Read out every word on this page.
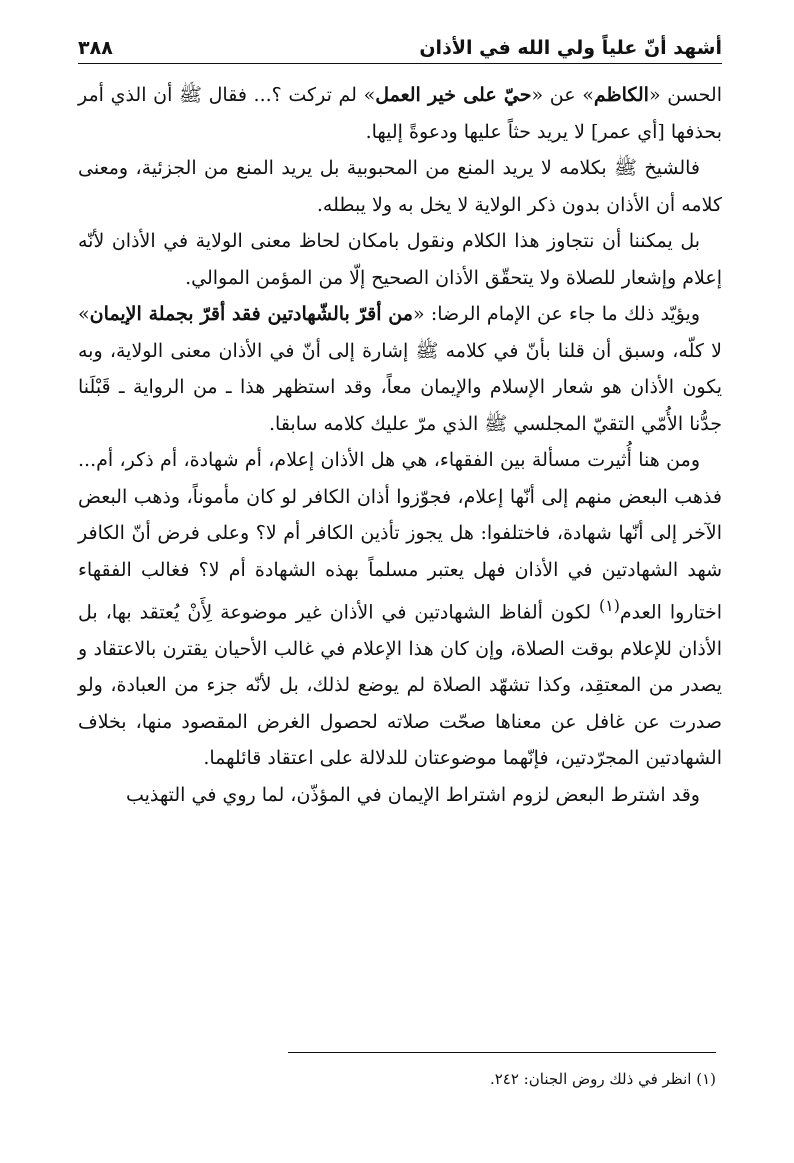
أشهد أنّ علياً ولي الله في الأذان
٣٨٨

الحسن «الكاظم» عن «حيّ على خير العمل» لم تركت ؟... فقال ﷺ أن الذي أمر بحذفها [أي عمر] لا يريد حثاً عليها ودعوةً إليها.

فالشيخ ﷺ بكلامه لا يريد المنع من المحبوبية بل يريد المنع من الجزئية، ومعنى كلامه أن الأذان بدون ذكر الولاية لا يخل به ولا يبطله.

بل يمكننا أن نتجاوز هذا الكلام ونقول بامكان لحاظ معنى الولاية في الأذان لأنّه إعلام وإشعار للصلاة ولا يتحقّق الأذان الصحيح إلّا من المؤمن الموالي.

ويؤيّد ذلك ما جاء عن الإمام الرضا: «من أقرّ بالشّهادتين فقد أقرّ بجملة الإيمان» لا كلّه، وسبق أن قلنا بأنّ في كلامه ﷺ إشارة إلى أنّ في الأذان معنى الولاية، وبه يكون الأذان هو شعار الإسلام والإيمان معاً، وقد استظهر هذا ـ من الرواية ـ قَبْلَنا جدُّنا الأُمّي التقيّ المجلسي ﷺ الذي مرّ عليك كلامه سابقا.

ومن هنا أُثيرت مسألة بين الفقهاء، هي هل الأذان إعلام، أم شهادة، أم ذكر، أم... فذهب البعض منهم إلى أنّها إعلام، فجوّزوا أذان الكافر لو كان مأموناً، وذهب البعض الآخر إلى أنّها شهادة، فاختلفوا: هل يجوز تأذين الكافر أم لا؟ وعلى فرض أنّ الكافر شهد الشهادتين في الأذان فهل يعتبر مسلماً بهذه الشهادة أم لا؟ فغالب الفقهاء اختاروا العدم$^{(١)}$ لكون ألفاظ الشهادتين في الأذان غير موضوعة لِأَنْ يُعتقد بها، بل الأذان للإعلام بوقت الصلاة، وإن كان هذا الإعلام في غالب الأحيان يقترن بالاعتقاد و يصدر من المعتقِد، وكذا تشهّد الصلاة لم يوضع لذلك، بل لأنّه جزء من العبادة، ولو صدرت عن غافل عن معناها صحّت صلاته لحصول الغرض المقصود منها، بخلاف الشهادتين المجرّدتين، فإنّهما موضوعتان للدلالة على اعتقاد قائلهما.

وقد اشترط البعض لزوم اشتراط الإيمان في المؤذّن، لما روي في التهذيب

(١) انظر في ذلك روض الجنان: ٢٤٢.
